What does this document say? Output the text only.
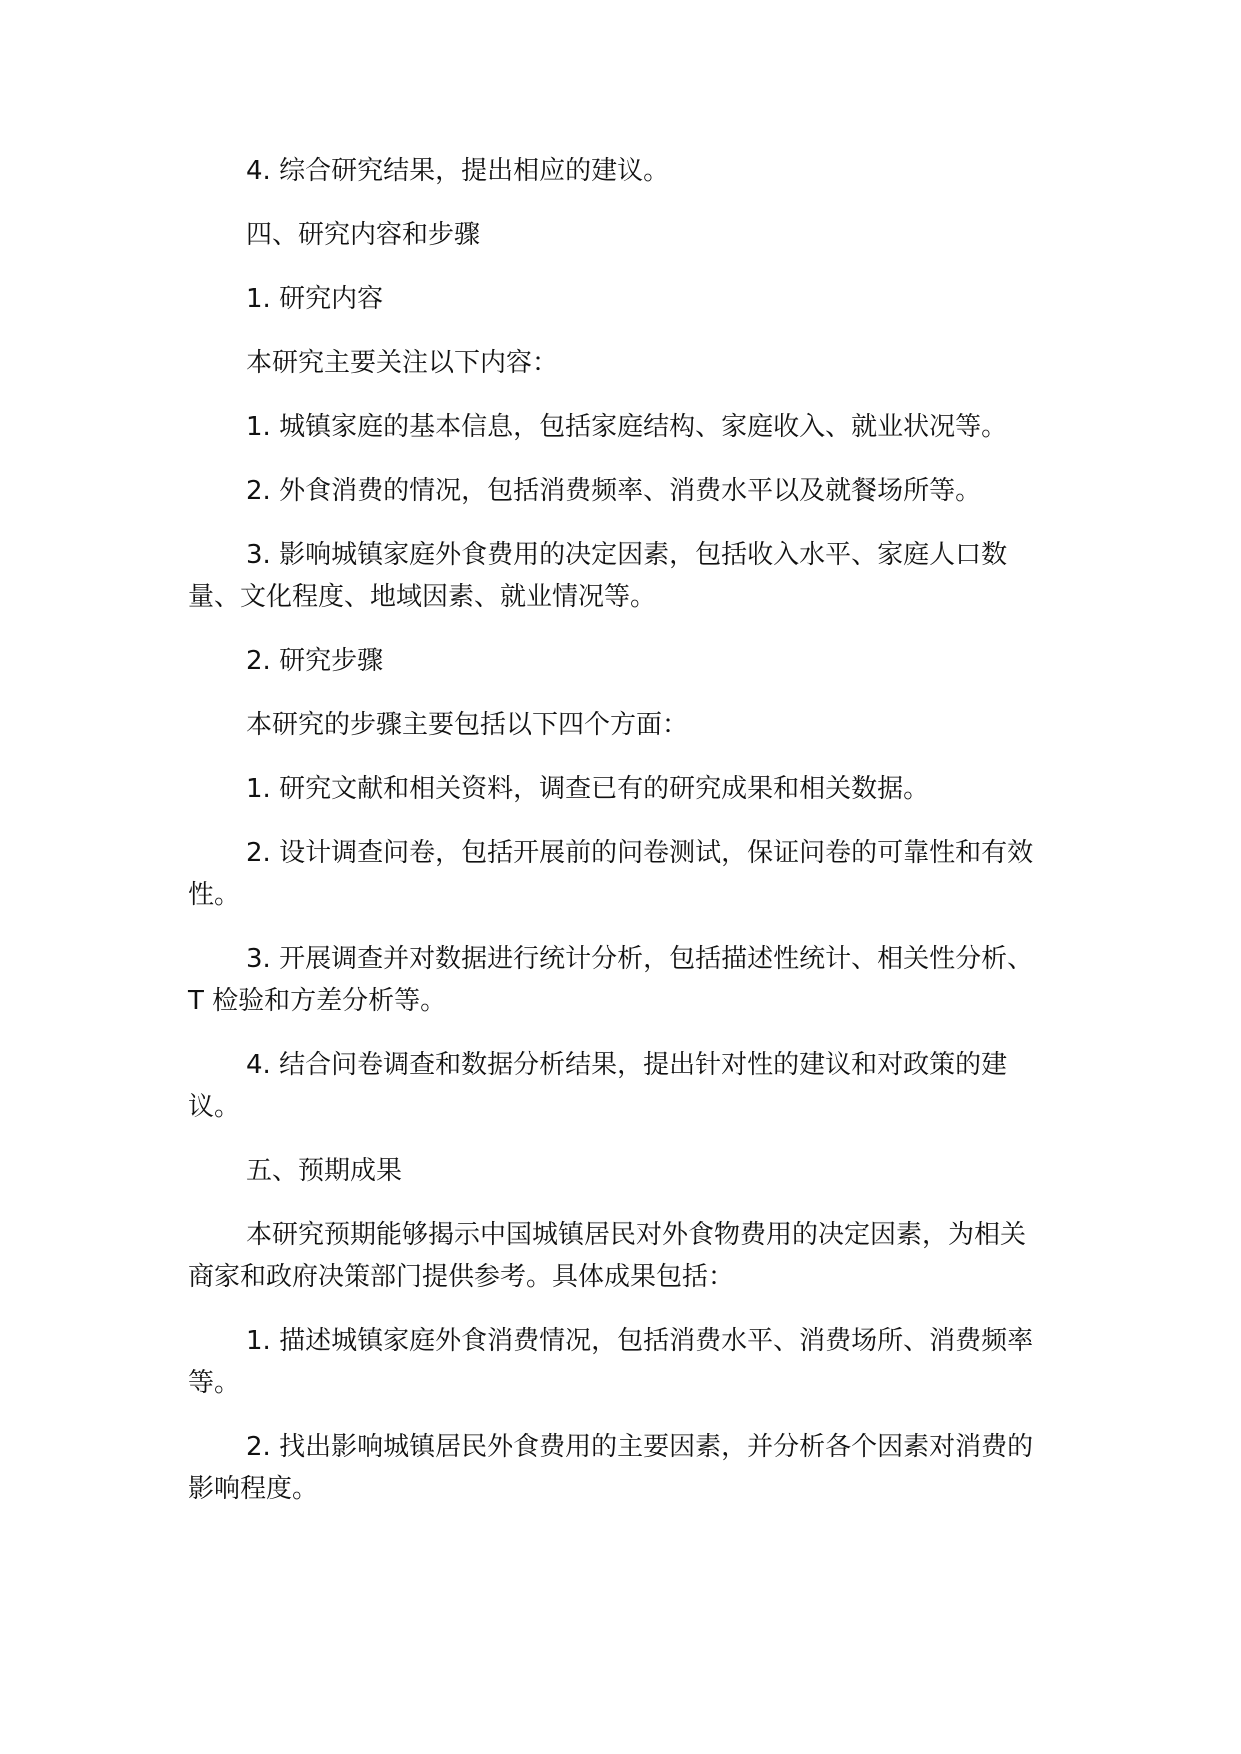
4. 综合研究结果，提出相应的建议。

四、研究内容和步骤

1. 研究内容

本研究主要关注以下内容：

1. 城镇家庭的基本信息，包括家庭结构、家庭收入、就业状况等。

2. 外食消费的情况，包括消费频率、消费水平以及就餐场所等。

3. 影响城镇家庭外食费用的决定因素，包括收入水平、家庭人口数量、文化程度、地域因素、就业情况等。

2. 研究步骤

本研究的步骤主要包括以下四个方面：

1. 研究文献和相关资料，调查已有的研究成果和相关数据。

2. 设计调查问卷，包括开展前的问卷测试，保证问卷的可靠性和有效性。

3. 开展调查并对数据进行统计分析，包括描述性统计、相关性分析、T 检验和方差分析等。

4. 结合问卷调查和数据分析结果，提出针对性的建议和对政策的建议。

五、预期成果

本研究预期能够揭示中国城镇居民对外食物费用的决定因素，为相关商家和政府决策部门提供参考。具体成果包括：

1. 描述城镇家庭外食消费情况，包括消费水平、消费场所、消费频率等。

2. 找出影响城镇居民外食费用的主要因素，并分析各个因素对消费的影响程度。
